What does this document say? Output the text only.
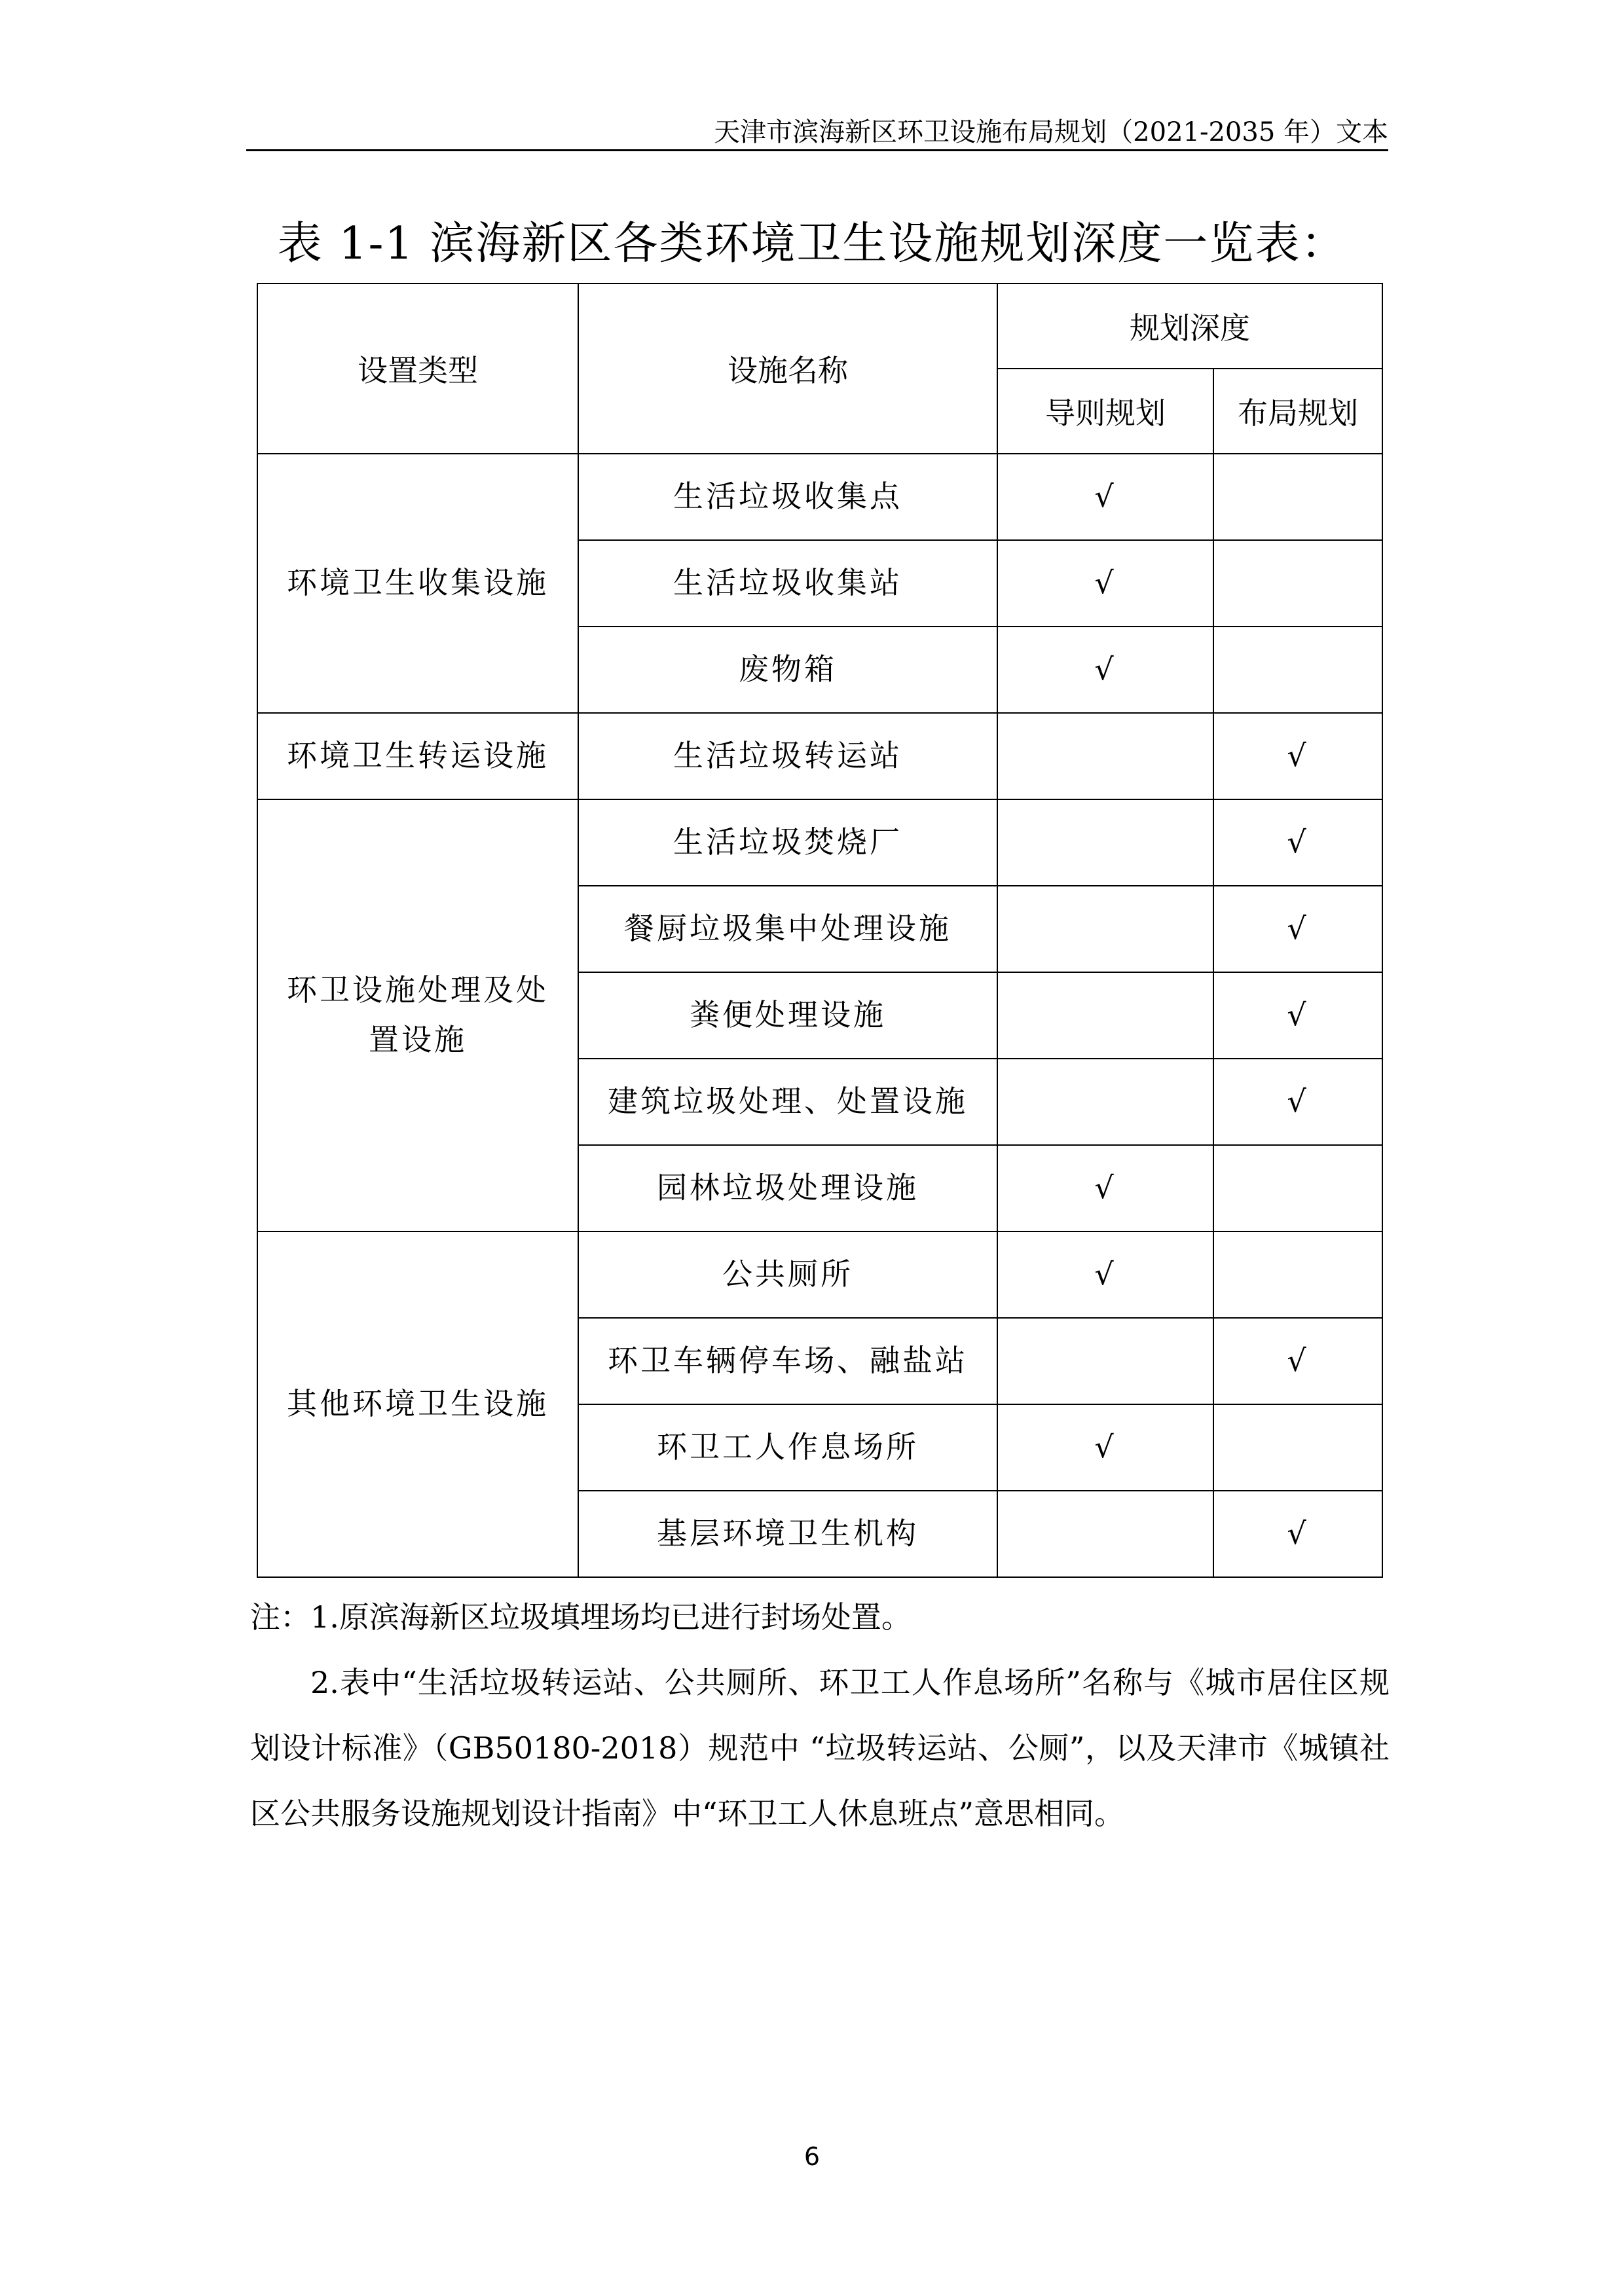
天津市滨海新区环卫设施布局规划（2021-2035 年）文本
表 1-1 滨海新区各类环境卫生设施规划深度一览表：
设置类型	设施名称	规划深度	
		导则规划	布局规划
环境卫生收集设施	生活垃圾收集点	√	
	生活垃圾收集站	√	
	废物箱	√	
环境卫生转运设施	生活垃圾转运站		√
环卫设施处理及处
置设施	生活垃圾焚烧厂		√
	餐厨垃圾集中处理设施		√
	粪便处理设施		√
	建筑垃圾处理、处置设施		√
	园林垃圾处理设施	√	
其他环境卫生设施	公共厕所	√	
	环卫车辆停车场、融盐站		√
	环卫工人作息场所	√	
	基层环境卫生机构		√

注：1.原滨海新区垃圾填埋场均已进行封场处置。

2.表中“生活垃圾转运站、公共厕所、环卫工人作息场所”名称与《城市居住区规划设计标准》（GB50180-2018）规范中 “垃圾转运站、公厕”，以及天津市《城镇社区公共服务设施规划设计指南》中“环卫工人休息班点”意思相同。

6
